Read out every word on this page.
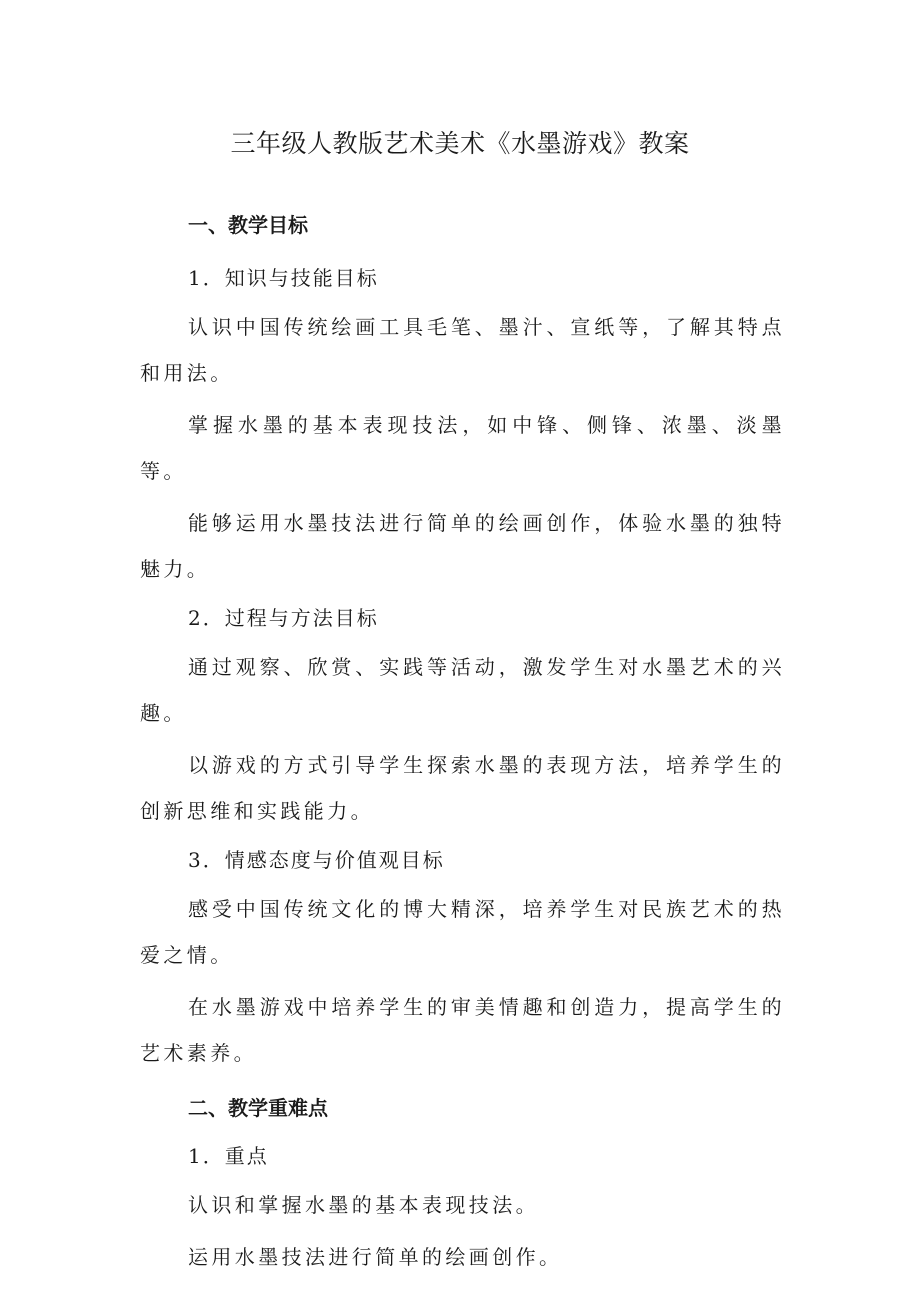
三年级人教版艺术美术《水墨游戏》教案
一、教学目标
1．知识与技能目标

认识中国传统绘画工具毛笔、墨汁、宣纸等，了解其特点和用法。

掌握水墨的基本表现技法，如中锋、侧锋、浓墨、淡墨等。

能够运用水墨技法进行简单的绘画创作，体验水墨的独特魅力。

2．过程与方法目标

通过观察、欣赏、实践等活动，激发学生对水墨艺术的兴趣。

以游戏的方式引导学生探索水墨的表现方法，培养学生的创新思维和实践能力。

3．情感态度与价值观目标

感受中国传统文化的博大精深，培养学生对民族艺术的热爱之情。

在水墨游戏中培养学生的审美情趣和创造力，提高学生的艺术素养。

二、教学重难点
1．重点

认识和掌握水墨的基本表现技法。

运用水墨技法进行简单的绘画创作。
